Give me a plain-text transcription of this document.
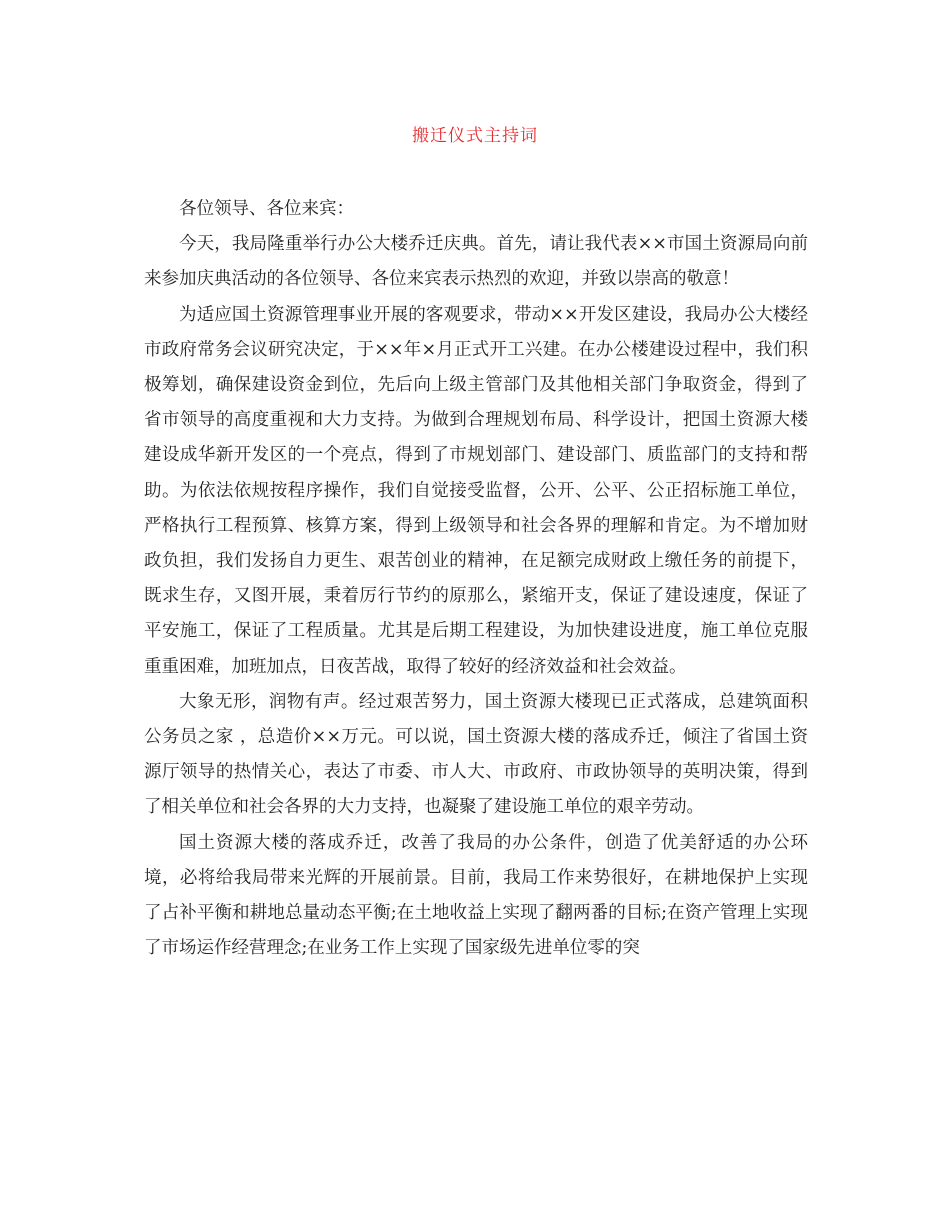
搬迁仪式主持词

各位领导、各位来宾：

今天，我局隆重举行办公大楼乔迁庆典。首先，请让我代表××市国土资源局向前来参加庆典活动的各位领导、各位来宾表示热烈的欢迎，并致以崇高的敬意！

为适应国土资源管理事业开展的客观要求，带动××开发区建设，我局办公大楼经市政府常务会议研究决定，于××年×月正式开工兴建。在办公楼建设过程中，我们积极筹划，确保建设资金到位，先后向上级主管部门及其他相关部门争取资金，得到了省市领导的高度重视和大力支持。为做到合理规划布局、科学设计，把国土资源大楼建设成华新开发区的一个亮点，得到了市规划部门、建设部门、质监部门的支持和帮助。为依法依规按程序操作，我们自觉接受监督，公开、公平、公正招标施工单位，严格执行工程预算、核算方案，得到上级领导和社会各界的理解和肯定。为不增加财政负担，我们发扬自力更生、艰苦创业的精神，在足额完成财政上缴任务的前提下，既求生存，又图开展，秉着厉行节约的原那么，紧缩开支，保证了建设速度，保证了平安施工，保证了工程质量。尤其是后期工程建设，为加快建设进度，施工单位克服重重困难，加班加点，日夜苦战，取得了较好的经济效益和社会效益。

大象无形，润物有声。经过艰苦努力，国土资源大楼现已正式落成，总建筑面积公务员之家 ，总造价××万元。可以说，国土资源大楼的落成乔迁，倾注了省国土资源厅领导的热情关心，表达了市委、市人大、市政府、市政协领导的英明决策，得到了相关单位和社会各界的大力支持，也凝聚了建设施工单位的艰辛劳动。

国土资源大楼的落成乔迁，改善了我局的办公条件，创造了优美舒适的办公环境，必将给我局带来光辉的开展前景。目前，我局工作来势很好，在耕地保护上实现了占补平衡和耕地总量动态平衡;在土地收益上实现了翻两番的目标;在资产管理上实现了市场运作经营理念;在业务工作上实现了国家级先进单位零的突
